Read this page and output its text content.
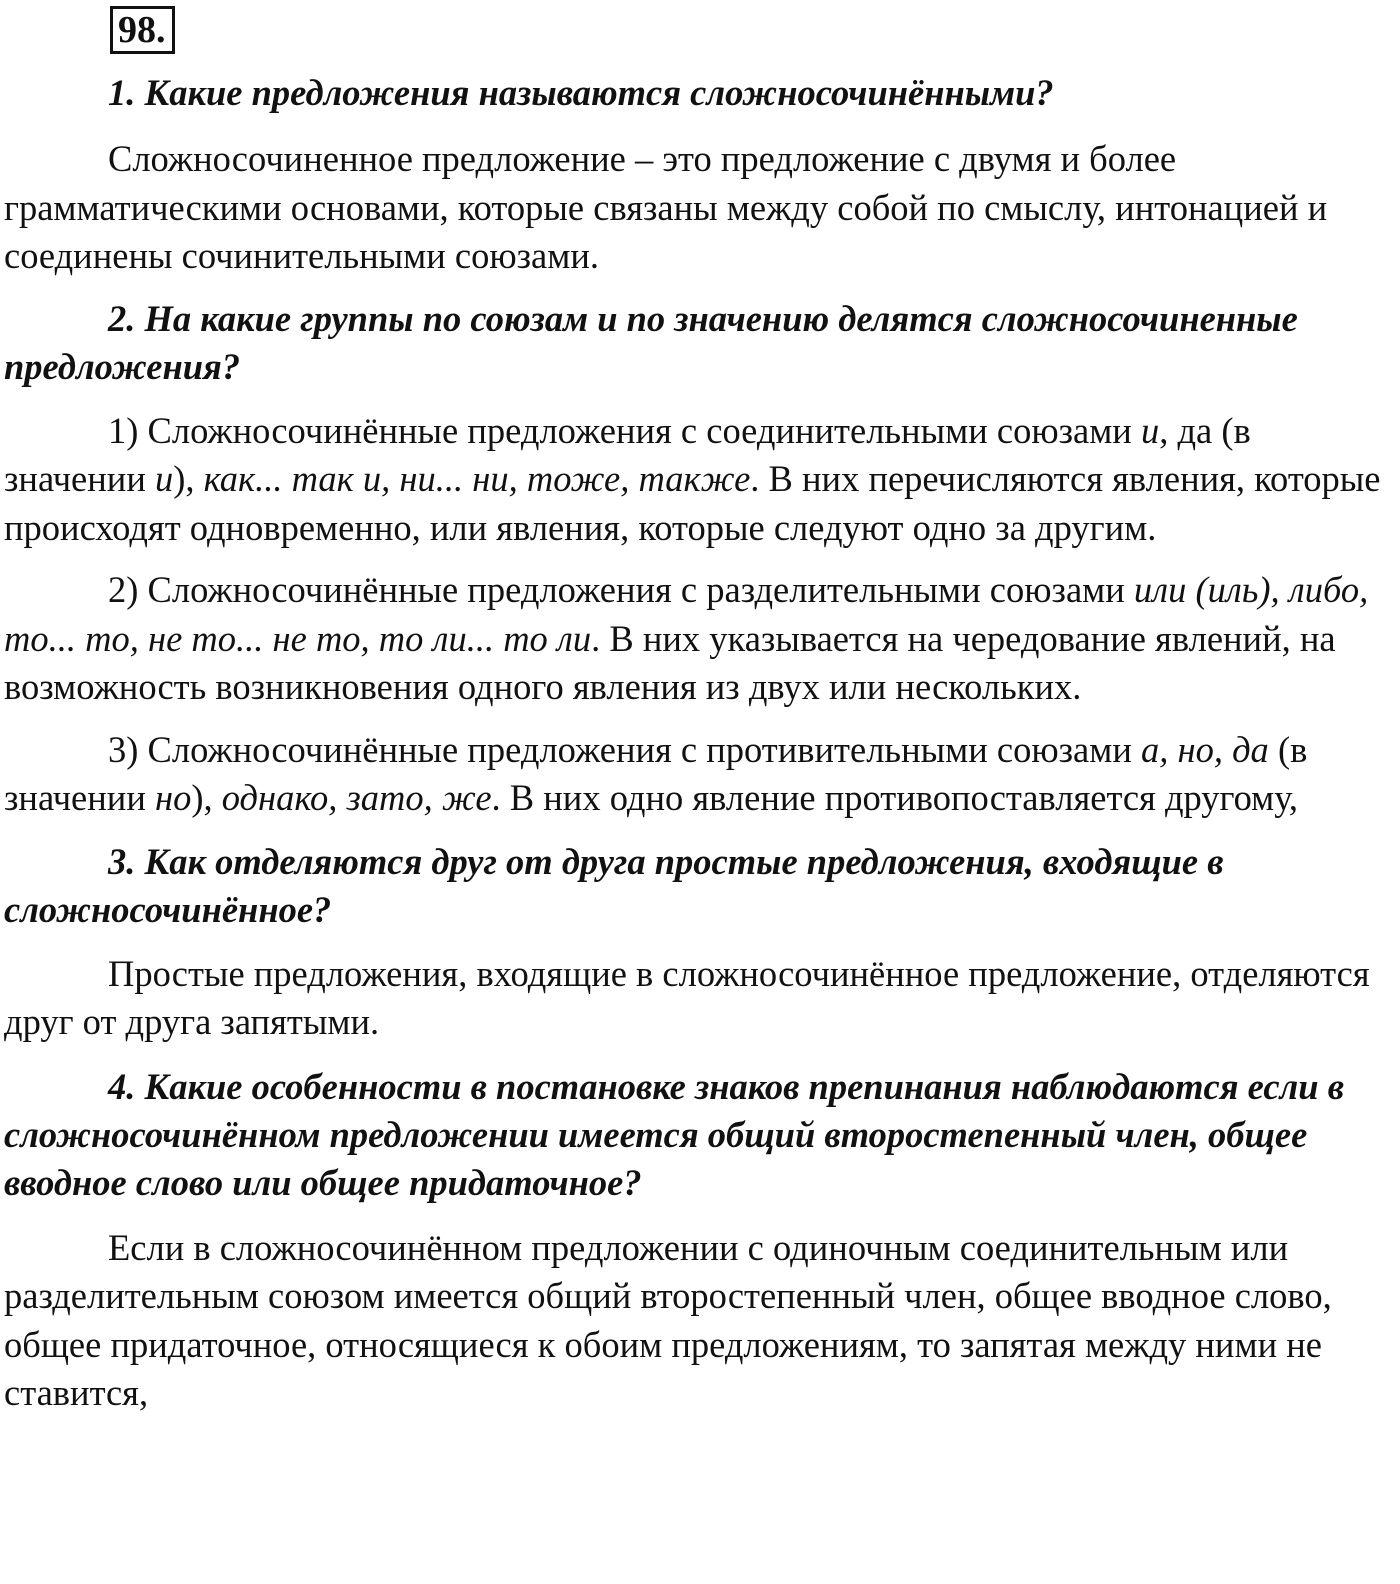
98.

1. Какие предложения называются сложносочинёнными?

Сложносочиненное предложение – это предложение с двумя и более грамматическими основами, которые связаны между собой по смыслу, интонацией и соединены сочинительными союзами.

2. На какие группы по союзам и по значению делятся сложносочиненные предложения?

1) Сложносочинённые предложения с соединительными союзами и, да (в значении и), как... так и, ни... ни, тоже, также. В них перечисляются явления, которые происходят одновременно, или явления, которые следуют одно за другим.

2) Сложносочинённые предложения с разделительными союзами или (иль), либо, то... то, не то... не то, то ли... то ли. В них указывается на чередование явлений, на возможность возникновения одного явления из двух или нескольких.

3) Сложносочинённые предложения с противительными союзами а, но, да (в значении но), однако, зато, же. В них одно явление противопоставляется другому,

3. Как отделяются друг от друга простые предложения, входящие в сложносочинённое?

Простые предложения, входящие в сложносочинённое предложение, отделяются друг от друга запятыми.

4. Какие особенности в постановке знаков препинания наблюдаются если в сложносочинённом предложении имеется общий второстепенный член, общее вводное слово или общее придаточное?

Если в сложносочинённом предложении с одиночным соединительным или разделительным союзом имеется общий второстепенный член, общее вводное слово, общее придаточное, относящиеся к обоим предложениям, то запятая между ними не ставится,
